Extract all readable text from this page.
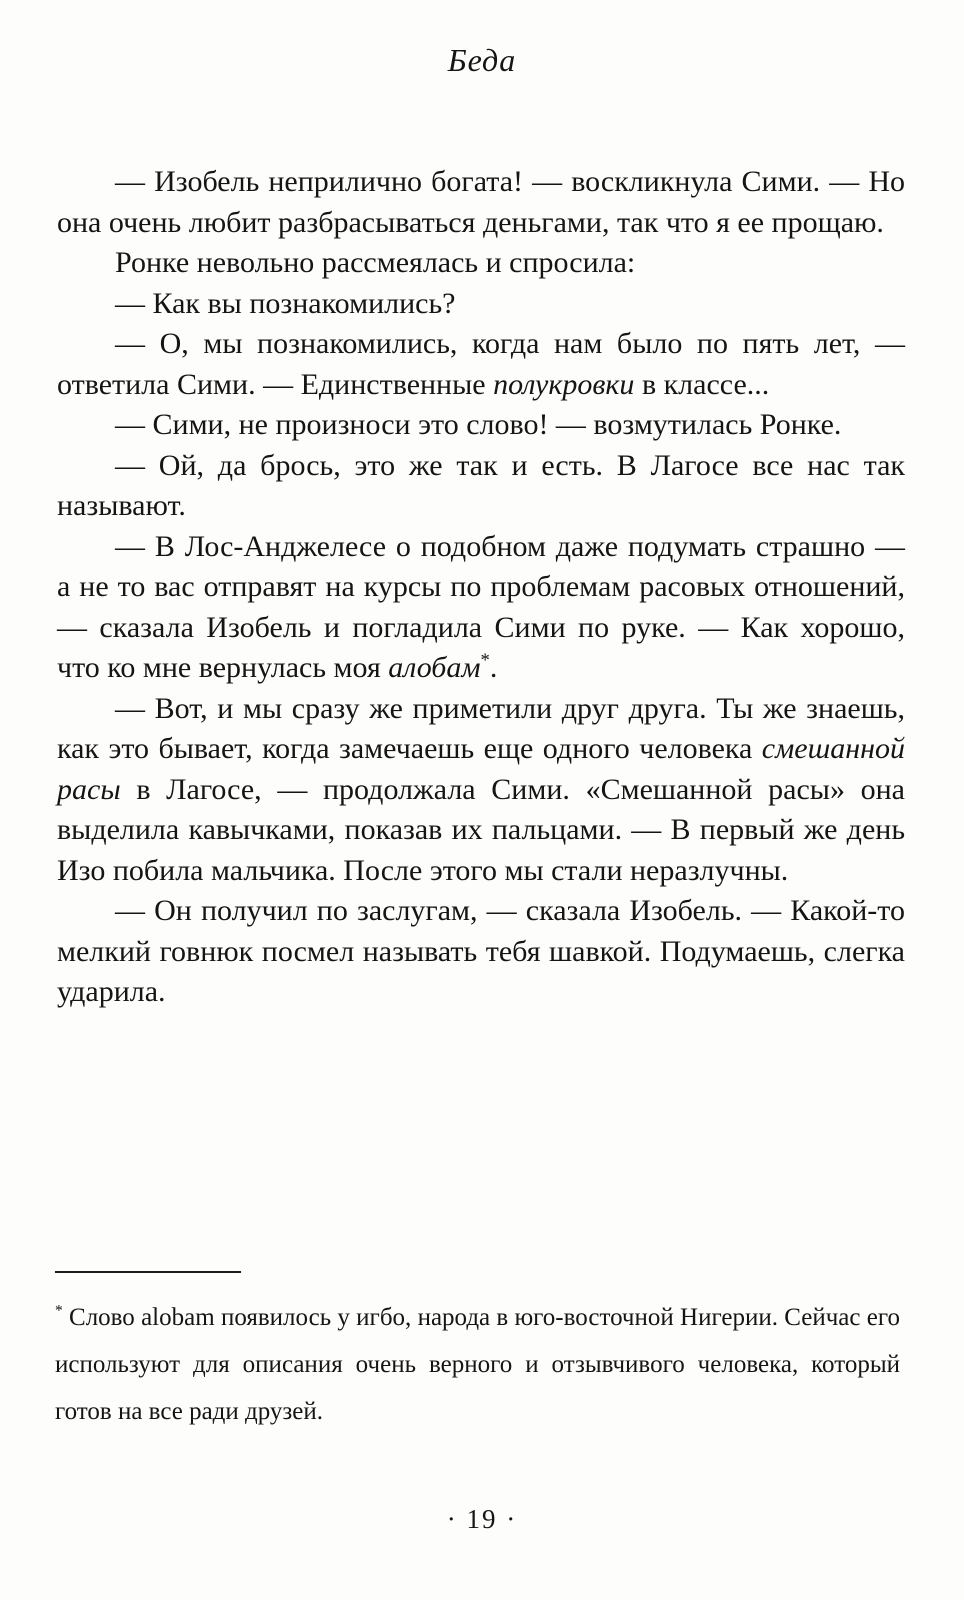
Беда

— Изобель неприлично богата! — воскликнула Сими. — Но она очень любит разбрасываться деньгами, так что я ее прощаю.

Ронке невольно рассмеялась и спросила:

— Как вы познакомились?

— О, мы познакомились, когда нам было по пять лет, — ответила Сими. — Единственные полукровки в классе...

— Сими, не произноси это слово! — возмутилась Ронке.

— Ой, да брось, это же так и есть. В Лагосе все нас так называют.

— В Лос-Анджелесе о подобном даже подумать страшно — а не то вас отправят на курсы по проблемам расовых отношений, — сказала Изобель и погладила Сими по руке. — Как хорошо, что ко мне вернулась моя алобам*.

— Вот, и мы сразу же приметили друг друга. Ты же знаешь, как это бывает, когда замечаешь еще одного человека смешанной расы в Лагосе, — продолжала Сими. «Смешанной расы» она выделила кавычками, показав их пальцами. — В первый же день Изо побила мальчика. После этого мы стали неразлучны.

— Он получил по заслугам, — сказала Изобель. — Какой-то мелкий говнюк посмел называть тебя шавкой. Подумаешь, слегка ударила.

* Слово alobam появилось у игбо, народа в юго-восточной Нигерии. Сейчас его используют для описания очень верного и отзывчивого человека, который готов на все ради друзей.
· 19 ·
